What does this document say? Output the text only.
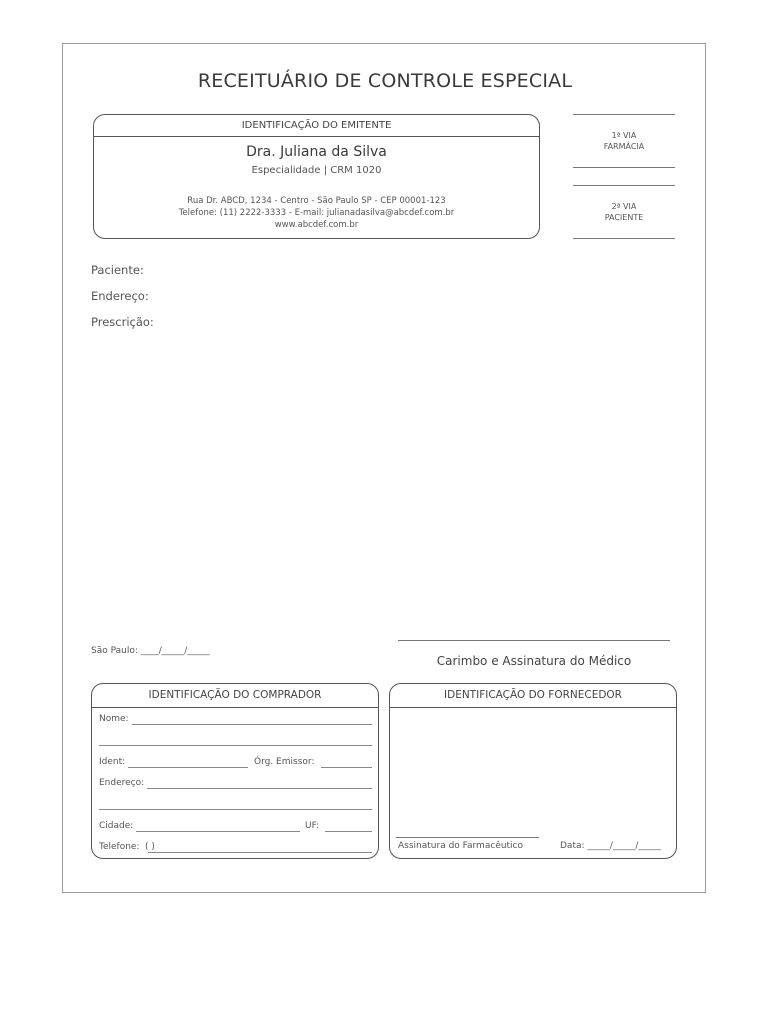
RECEITUÁRIO DE CONTROLE ESPECIAL
IDENTIFICAÇÃO DO EMITENTE
Dra. Juliana da Silva
Especialidade | CRM 1020
Rua Dr. ABCD, 1234 - Centro - São Paulo SP - CEP 00001-123
Telefone: (11) 2222-3333 - E-mail: julianadasilva@abcdef.com.br
www.abcdef.com.br
1ª VIA
FARMÁCIA
2ª VIA
PACIENTE
Paciente:
Endereço:
Prescrição:
São Paulo: ____/_____/_____
Carimbo e Assinatura do Médico
IDENTIFICAÇÃO DO COMPRADOR
Nome:
Ident:	Órg. Emissor:
Endereço:
Cidade:	UF:
Telefone: ( )
IDENTIFICAÇÃO DO FORNECEDOR
Assinatura do Farmacêutico	Data: _____/_____/_____
